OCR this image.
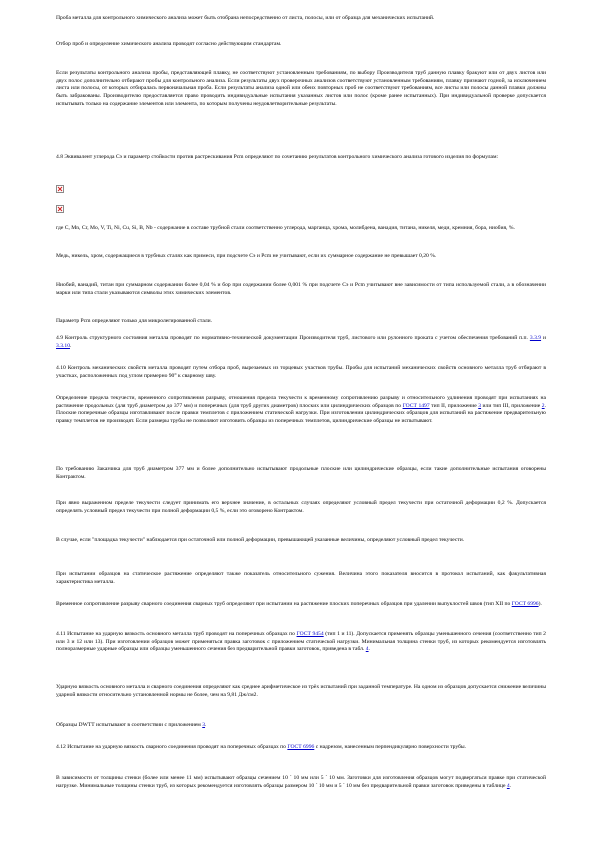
Проба металла для контрольного химического анализа может быть отобрана непосредственно от листа, полосы, или от образца для механических испытаний.

Отбор проб и определение химического анализа проводят согласно действующим стандартам.

Если результаты контрольного анализа пробы, представляющей плавку, не соответствуют установленным требованиям, по выбору Производителя труб данную плавку бракуют или от двух листов или двух полос дополнительно отбирают пробы для контрольного анализа. Если результаты двух проверочных анализов соответствуют установленным требованиям, плавку признают годной, за исключением листа или полосы, от которых отбиралась первоначальная проба. Если результаты анализа одной или обеих повторных проб не соответствуют требованиям, все листы или полосы данной плавки должны быть забракованы. Производителю предоставляется право проводить индивидуальные испытания указанных листов или полос (кроме ранее испытанных). При индивидуальной проверке допускается испытывать только на содержание элементов или элемента, по которым получены неудовлетворительные результаты.

4.8 Эквивалент углерода Сэ и параметр стойкости против растрескивания Pcm определяют по сочетанию результатов контрольного химического анализа готового изделия по формулам:

где C, Mn, Cr, Mo, V, Ti, Ni, Cu, Si, B, Nb - содержание в составе трубной стали соответственно углерода, марганца, хрома, молибдена, ванадия, титана, никеля, меди, кремния, бора, ниобия, %.

Медь, никель, хром, содержащиеся в трубных сталях как примеси, при подсчете Сэ и Pcm не учитывают, если их суммарное содержание не превышает 0,20 %.

Ниобий, ванадий, титан при суммарном содержании более 0,04 % и бор при содержании более 0,001 % при подсчете Сэ и Pcm учитывают вне зависимости от типа используемой стали, а в обозначении марки или типа стали указываются символы этих химических элементов.

Параметр Pcm определяют только для микролегированной стали.

4.9 Контроль структурного состояния металла проводят по нормативно-технической документации Производителя труб, листового или рулонного проката с учетом обеспечения требований п.п. 3.3.9 и 3.3.10.

4.10 Контроль механических свойств металла проводят путем отбора проб, вырезаемых из торцевых участков трубы. Пробы для испытаний механических свойств основного металла труб отбирают в участках, расположенных под углом примерно 90° к сварному шву.

Определение предела текучести, временного сопротивления разрыву, отношения предела текучести к временному сопротивлению разрыву и относительного удлинения проводят при испытаниях на растяжение продольных (для труб диаметром до 377 мм) и поперечных (для труб других диаметров) плоских или цилиндрических образцов по ГОСТ 1497 тип II, приложение 3 или тип III, приложение 2. Плоские поперечные образцы изготавливают после правки темплетов с приложением статической нагрузки. При изготовлении цилиндрических образцов для испытаний на растяжение предварительную правку темплетов не производят. Если размеры трубы не позволяют изготовить образцы из поперечных темплетов, цилиндрические образцы не испытывают.

По требованию Заказчика для труб диаметром 377 мм и более дополнительно испытывают продольные плоские или цилиндрические образцы, если такие дополнительные испытания оговорены Контрактом.

При явно выраженном пределе текучести следует принимать его верхнее значение, в остальных случаях определяют условный предел текучести при остаточной деформации 0,2 %. Допускается определять условный предел текучести при полной деформации 0,5 %, если это оговорено Контрактом.

В случае, если "площадка текучести" наблюдается при остаточной или полной деформации, превышающей указанные величины, определяют условный предел текучести.

При испытании образцов на статическое растяжение определяют также показатель относительного сужения. Величина этого показателя вносится в протокол испытаний, как факультативная характеристика металла.

Временное сопротивление разрыву сварного соединения сварных труб определяют при испытании на растяжение плоских поперечных образцов при удалении выпуклостей швов (тип XII по ГОСТ 6996).

4.11 Испытание на ударную вязкость основного металла труб проводят на поперечных образцах по ГОСТ 9454 (тип 1 и 11). Допускается применять образцы уменьшенного сечения (соответственно тип 2 или 3 и 12 или 13). При изготовлении образцов может применяться правка заготовок с приложением статической нагрузки. Минимальная толщина стенки труб, из которых рекомендуется изготовлять полноразмерные ударные образцы или образцы уменьшенного сечения без предварительной правки заготовок, приведена в табл. 4.

Ударную вязкость основного металла и сварного соединения определяют как среднее арифметическое из трёх испытаний при заданной температуре. На одном из образцов допускается снижение величины ударной вязкости относительно установленной нормы не более, чем на 9,81 Дж/см2.

Образцы DWTT испытывают в соответствии с приложением 3.

4.12 Испытание на ударную вязкость сварного соединения проводят на поперечных образцах по ГОСТ 6996 с надрезом, нанесенным перпендикулярно поверхности трубы.

В зависимости от толщины стенки (более или менее 11 мм) испытывают образцы сечением 10 ´ 10 мм или 5 ´ 10 мм. Заготовки для изготовления образцов могут подвергаться правке при статической нагрузке. Минимальные толщины стенки труб, из которых рекомендуется изготовлять образцы размером 10 ´ 10 мм и 5 ´ 10 мм без предварительной правки заготовок приведены в таблице 4.
